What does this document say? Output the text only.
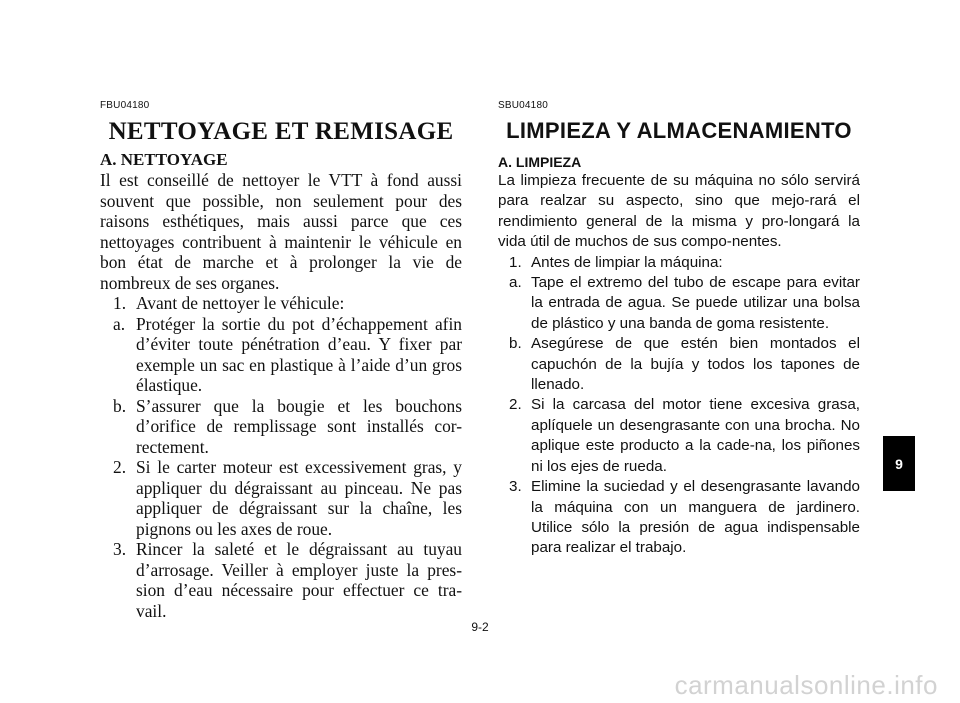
FBU04180
NETTOYAGE ET REMISAGE
A. NETTOYAGE

Il est conseillé de nettoyer le VTT à fond aussi souvent que possible, non seulement pour des raisons esthétiques, mais aussi parce que ces nettoyages contribuent à maintenir le véhicule en bon état de marche et à prolonger la vie de nombreux de ses organes.

1. Avant de nettoyer le véhicule:
a. Protéger la sortie du pot d’échappement afin d’éviter toute pénétration d’eau. Y fixer par exemple un sac en plastique à l’aide d’un gros élastique.
b. S’assurer que la bougie et les bouchons d’orifice de remplissage sont installés cor-rectement.
2. Si le carter moteur est excessivement gras, y appliquer du dégraissant au pinceau. Ne pas appliquer de dégraissant sur la chaîne, les pignons ou les axes de roue.
3. Rincer la saleté et le dégraissant au tuyau d’arrosage. Veiller à employer juste la pres-sion d’eau nécessaire pour effectuer ce tra-vail.
SBU04180
LIMPIEZA Y ALMACENAMIENTO
A. LIMPIEZA

La limpieza frecuente de su máquina no sólo servirá para realzar su aspecto, sino que mejo-rará el rendimiento general de la misma y pro-longará la vida útil de muchos de sus compo-nentes.

1. Antes de limpiar la máquina:
a. Tape el extremo del tubo de escape para evitar la entrada de agua. Se puede utilizar una bolsa de plástico y una banda de goma resistente.
b. Asegúrese de que estén bien montados el capuchón de la bujía y todos los tapones de llenado.
2. Si la carcasa del motor tiene excesiva grasa, aplíquele un desengrasante con una brocha. No aplique este producto a la cade-na, los piñones ni los ejes de rueda.
3. Elimine la suciedad y el desengrasante lavando la máquina con un manguera de jardinero. Utilice sólo la presión de agua indispensable para realizar el trabajo.
9
9-2
carmanualsonline.info
